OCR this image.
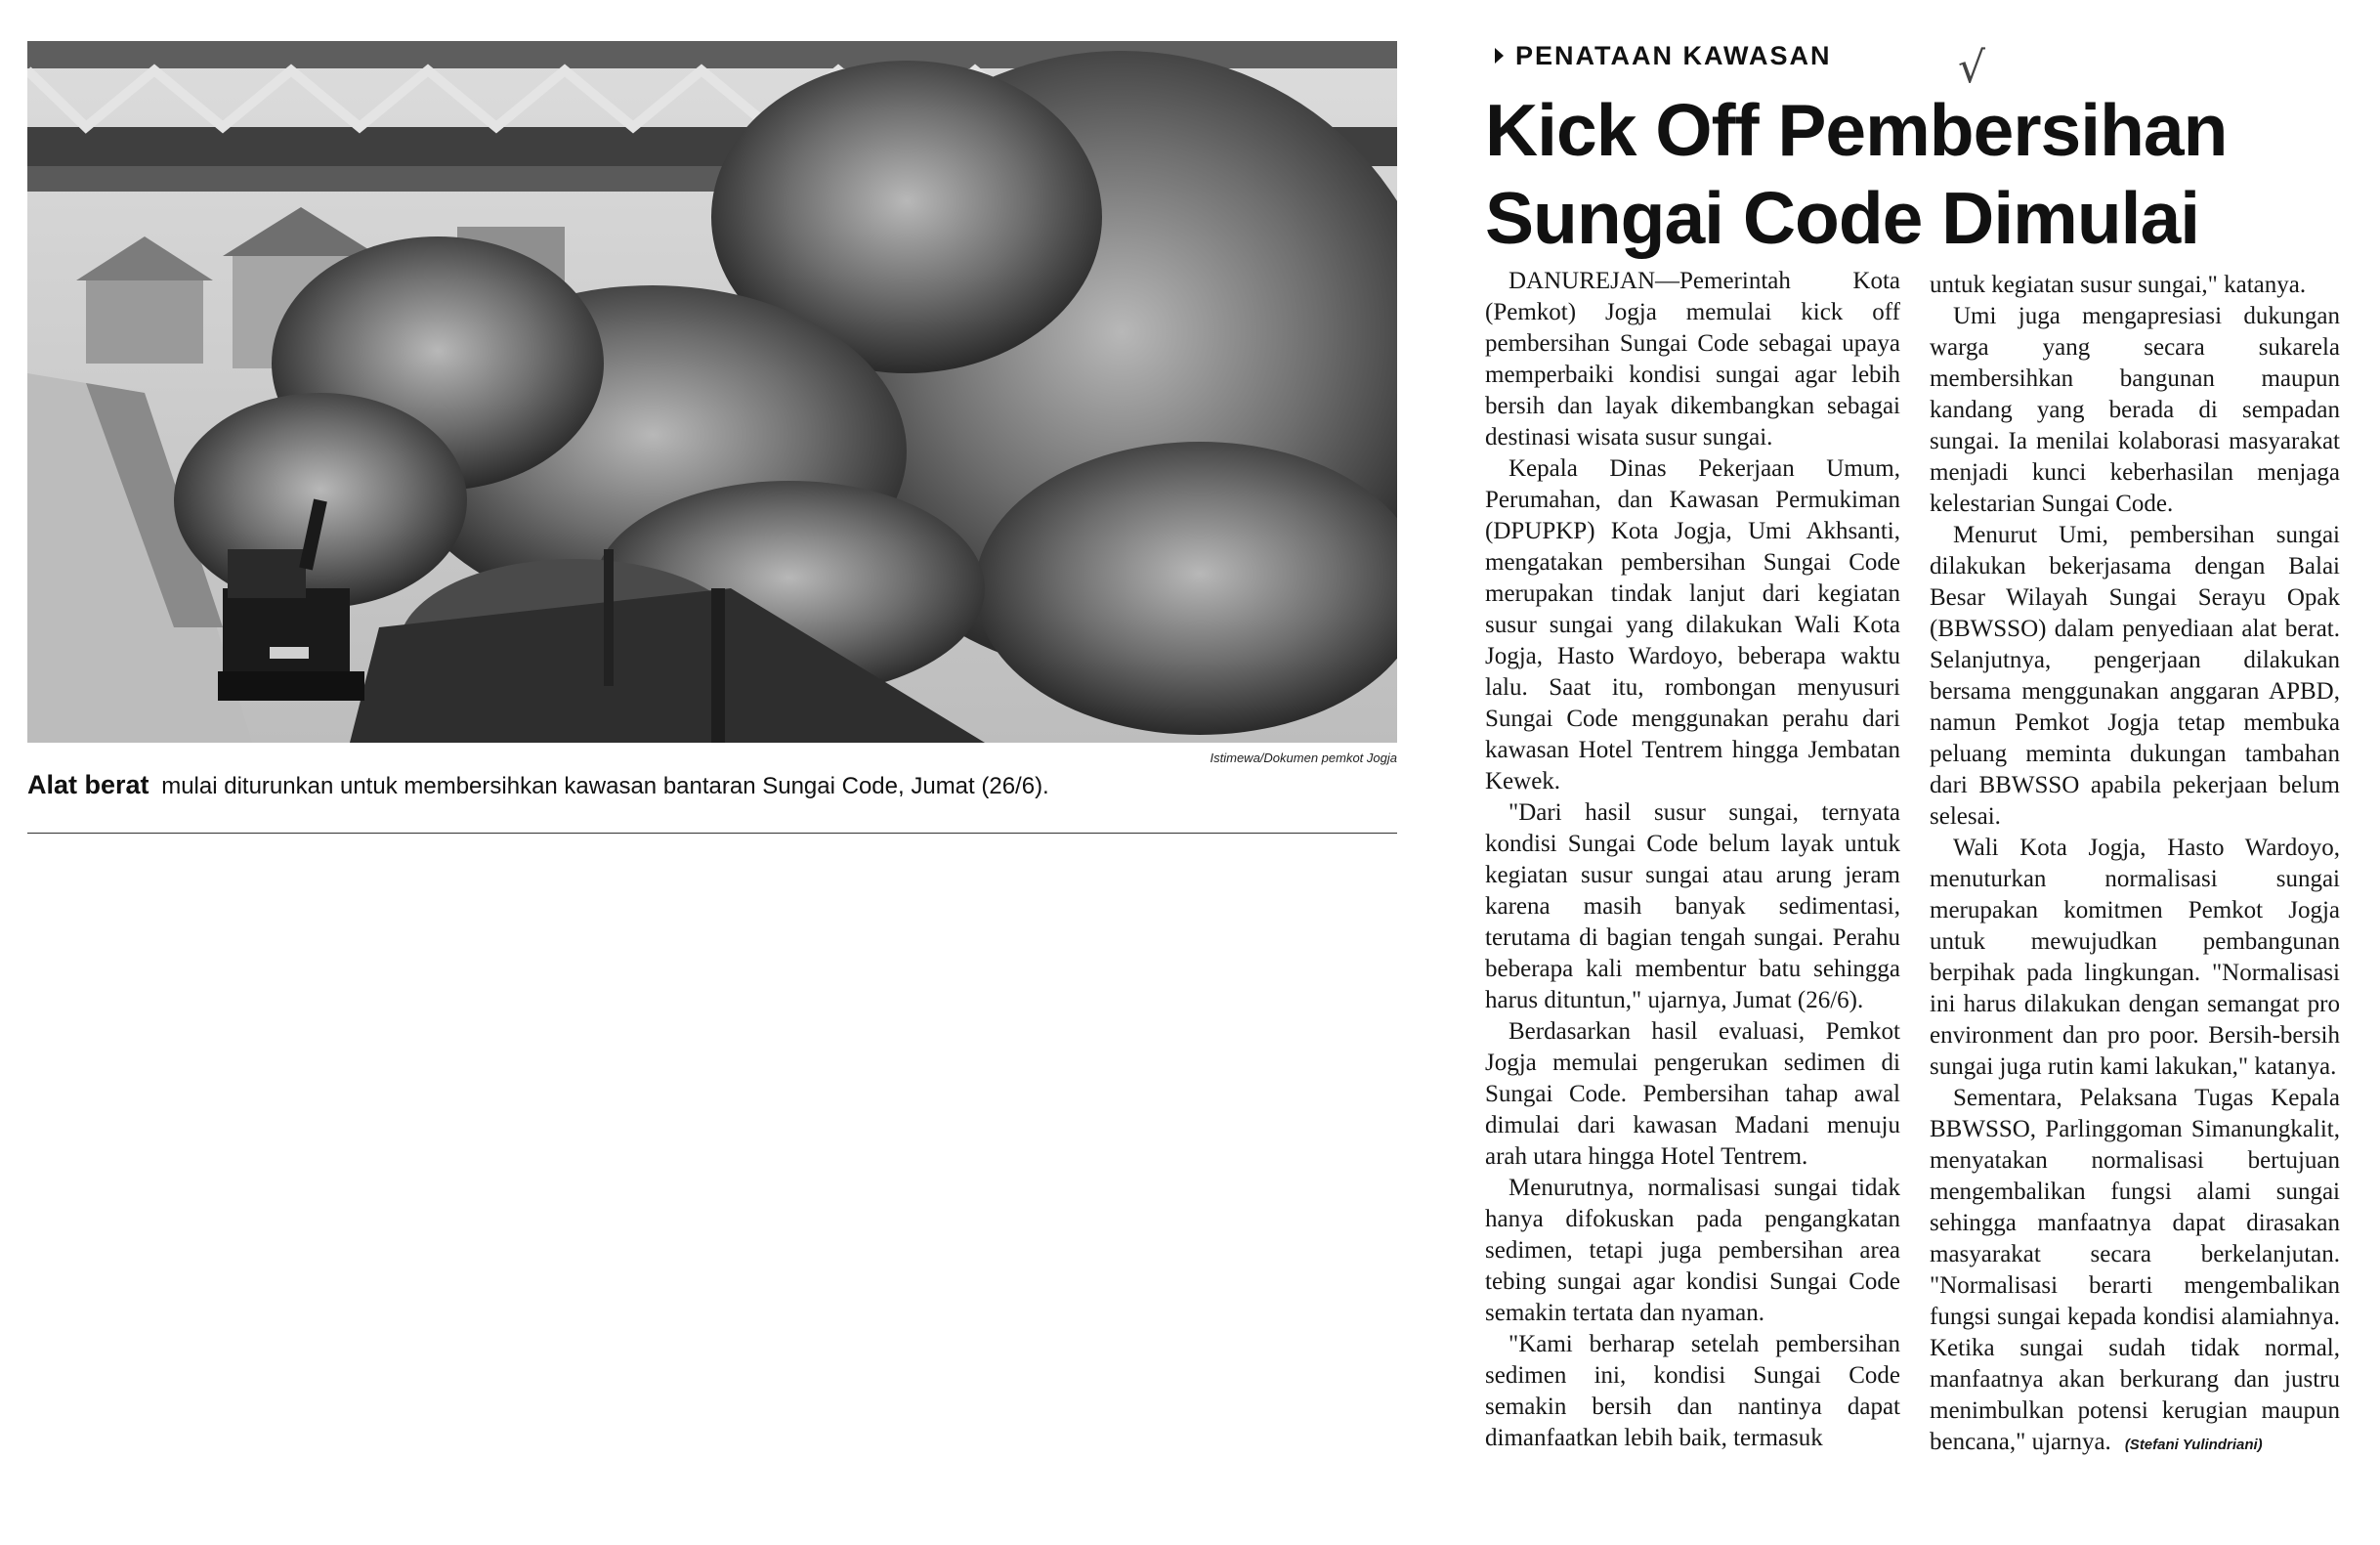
Istimewa/Dokumen pemkot Jogja
Alat berat mulai diturunkan untuk membersihkan kawasan bantaran Sungai Code, Jumat (26/6).
PENATAAN KAWASAN	√
Kick Off Pembersihan
Sungai Code Dimulai

DANUREJAN—Pemerintah Kota (Pemkot) Jogja memulai kick off pembersihan Sungai Code sebagai upaya memperbaiki kondisi sungai agar lebih bersih dan layak dikembangkan sebagai destinasi wisata susur sungai.

Kepala Dinas Pekerjaan Umum, Perumahan, dan Kawasan Permukiman (DPUPKP) Kota Jogja, Umi Akhsanti, mengatakan pembersihan Sungai Code merupakan tindak lanjut dari kegiatan susur sungai yang dilakukan Wali Kota Jogja, Hasto Wardoyo, beberapa waktu lalu. Saat itu, rombongan menyusuri Sungai Code menggunakan perahu dari kawasan Hotel Tentrem hingga Jembatan Kewek.

"Dari hasil susur sungai, ternyata kondisi Sungai Code belum layak untuk kegiatan susur sungai atau arung jeram karena masih banyak sedimentasi, terutama di bagian tengah sungai. Perahu beberapa kali membentur batu sehingga harus dituntun," ujarnya, Jumat (26/6).

Berdasarkan hasil evaluasi, Pemkot Jogja memulai pengerukan sedimen di Sungai Code. Pembersihan tahap awal dimulai dari kawasan Madani menuju arah utara hingga Hotel Tentrem.

Menurutnya, normalisasi sungai tidak hanya difokuskan pada pengangkatan sedimen, tetapi juga pembersihan area tebing sungai agar kondisi Sungai Code semakin tertata dan nyaman.

"Kami berharap setelah pembersihan sedimen ini, kondisi Sungai Code semakin bersih dan nantinya dapat dimanfaatkan lebih baik, termasuk

untuk kegiatan susur sungai," katanya.

Umi juga mengapresiasi dukungan warga yang secara sukarela membersihkan bangunan maupun kandang yang berada di sempadan sungai. Ia menilai kolaborasi masyarakat menjadi kunci keberhasilan menjaga kelestarian Sungai Code.

Menurut Umi, pembersihan sungai dilakukan bekerjasama dengan Balai Besar Wilayah Sungai Serayu Opak (BBWSSO) dalam penyediaan alat berat. Selanjutnya, pengerjaan dilakukan bersama menggunakan anggaran APBD, namun Pemkot Jogja tetap membuka peluang meminta dukungan tambahan dari BBWSSO apabila pekerjaan belum selesai.

Wali Kota Jogja, Hasto Wardoyo, menuturkan normalisasi sungai merupakan komitmen Pemkot Jogja untuk mewujudkan pembangunan berpihak pada lingkungan. "Normalisasi ini harus dilakukan dengan semangat pro environment dan pro poor. Bersih-bersih sungai juga rutin kami lakukan," katanya.

Sementara, Pelaksana Tugas Kepala BBWSSO, Parlinggoman Simanungkalit, menyatakan normalisasi bertujuan mengembalikan fungsi alami sungai sehingga manfaatnya dapat dirasakan masyarakat secara berkelanjutan. "Normalisasi berarti mengembalikan fungsi sungai kepada kondisi alamiahnya. Ketika sungai sudah tidak normal, manfaatnya akan berkurang dan justru menimbulkan potensi kerugian maupun bencana," ujarnya. (Stefani Yulindriani)
